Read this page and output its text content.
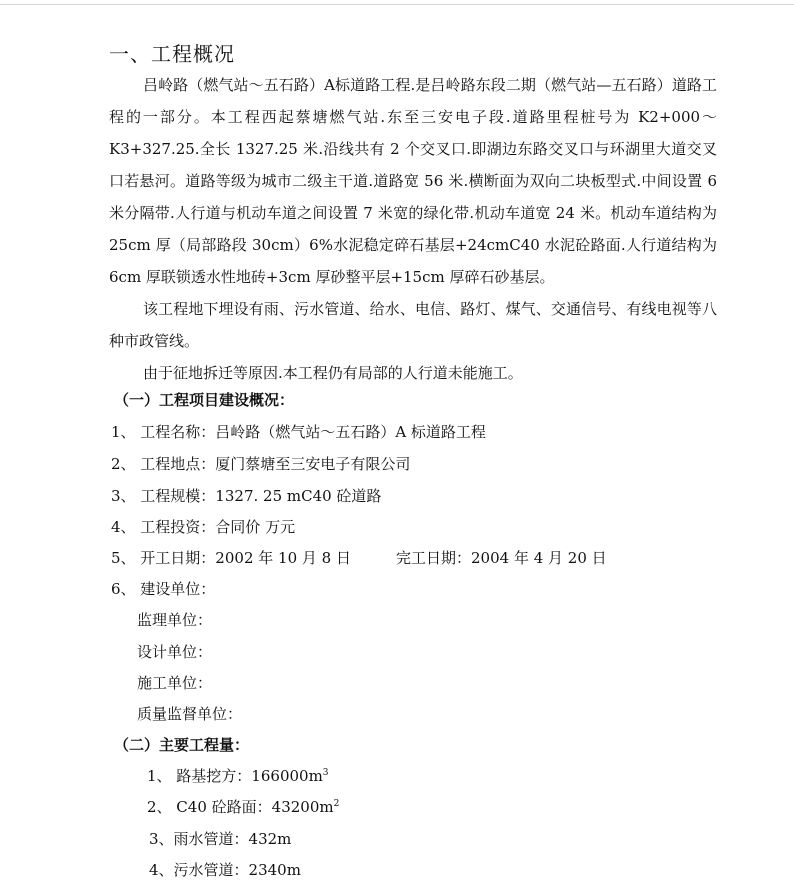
一、工程概况

吕岭路（燃气站～五石路）A标道路工程.是吕岭路东段二期（燃气站—五石路）道路工程的一部分。本工程西起蔡塘燃气站.东至三安电子段.道路里程桩号为 K2+000～K3+327.25.全长 1327.25 米.沿线共有 2 个交叉口.即湖边东路交叉口与环湖里大道交叉口若悬河。道路等级为城市二级主干道.道路宽 56 米.横断面为双向二块板型式.中间设置 6 米分隔带.人行道与机动车道之间设置 7 米宽的绿化带.机动车道宽 24 米。机动车道结构为 25cm 厚（局部路段 30cm）6%水泥稳定碎石基层+24cmC40 水泥砼路面.人行道结构为 6cm 厚联锁透水性地砖+3cm 厚砂整平层+15cm 厚碎石砂基层。

该工程地下埋设有雨、污水管道、给水、电信、路灯、煤气、交通信号、有线电视等八种市政管线。

由于征地拆迁等原因.本工程仍有局部的人行道未能施工。

（一）工程项目建设概况：
1、 工程名称：吕岭路（燃气站～五石路）A 标道路工程
2、 工程地点：厦门蔡塘至三安电子有限公司
3、 工程规模：1327. 25 mC40 砼道路
4、 工程投资：合同价 万元
5、 开工日期：2002 年 10 月 8 日	完工日期：2004 年 4 月 20 日
6、 建设单位：
监理单位：
设计单位：
施工单位：
质量监督单位：
（二）主要工程量：
1、 路基挖方：$166000m^3$
2、 C40 砼路面：$43200m^2$
3、雨水管道：432m
4、污水管道：2340m
